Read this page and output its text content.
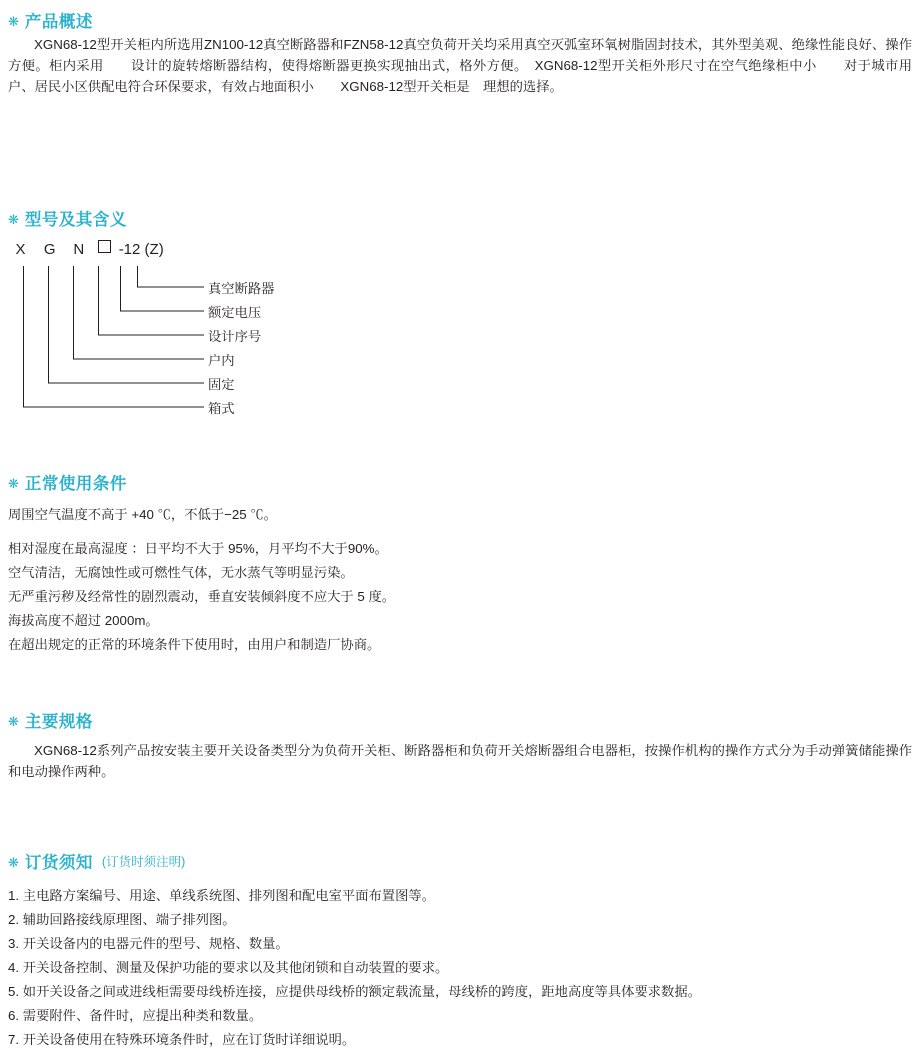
❋ 产品概述
XGN68-12型开关柜内所选用ZN100-12真空断路器和FZN58-12真空负荷开关均采用真空灭弧室环氧树脂固封技术，其外型美观、绝缘性能良好、操作方便。柜内采用　　设计的旋转熔断器结构，使得熔断器更换实现抽出式，格外方便。　XGN68-12型开关柜外形尺寸在空气绝缘柜中小　　对于城市用户、居民小区供配电符合环保要求，有效占地面积小　　XGN68-12型开关柜是　理想的选择。
❋ 型号及其含义
X G N -12 (Z)
真空断路器
额定电压
设计序号
户内
固定
箱式
❋ 正常使用条件
周围空气温度不高于 +40 ℃，不低于−25 ℃。
相对湿度在最高湿度 ：日平均不大于 95%，月平均不大于90%。
空气清洁，无腐蚀性或可燃性气体，无水蒸气等明显污染。
无严重污秽及经常性的剧烈震动，垂直安装倾斜度不应大于 5 度。
海拔高度不超过 2000m。
在超出规定的正常的环境条件下使用时，由用户和制造厂协商。
❋ 主要规格
XGN68-12系列产品按安装主要开关设备类型分为负荷开关柜、断路器柜和负荷开关熔断器组合电器柜，按操作机构的操作方式分为手动弹簧储能操作和电动操作两种。
❋ 订货须知 (订货时须注明)
1. 主电路方案编号、用途、单线系统图、排列图和配电室平面布置图等。
2. 辅助回路接线原理图、端子排列图。
3. 开关设备内的电器元件的型号、规格、数量。
4. 开关设备控制、测量及保护功能的要求以及其他闭锁和自动装置的要求。
5. 如开关设备之间或进线柜需要母线桥连接，应提供母线桥的额定载流量，母线桥的跨度，距地高度等具体要求数据。
6. 需要附件、备件时，应提出种类和数量。
7. 开关设备使用在特殊环境条件时，应在订货时详细说明。
